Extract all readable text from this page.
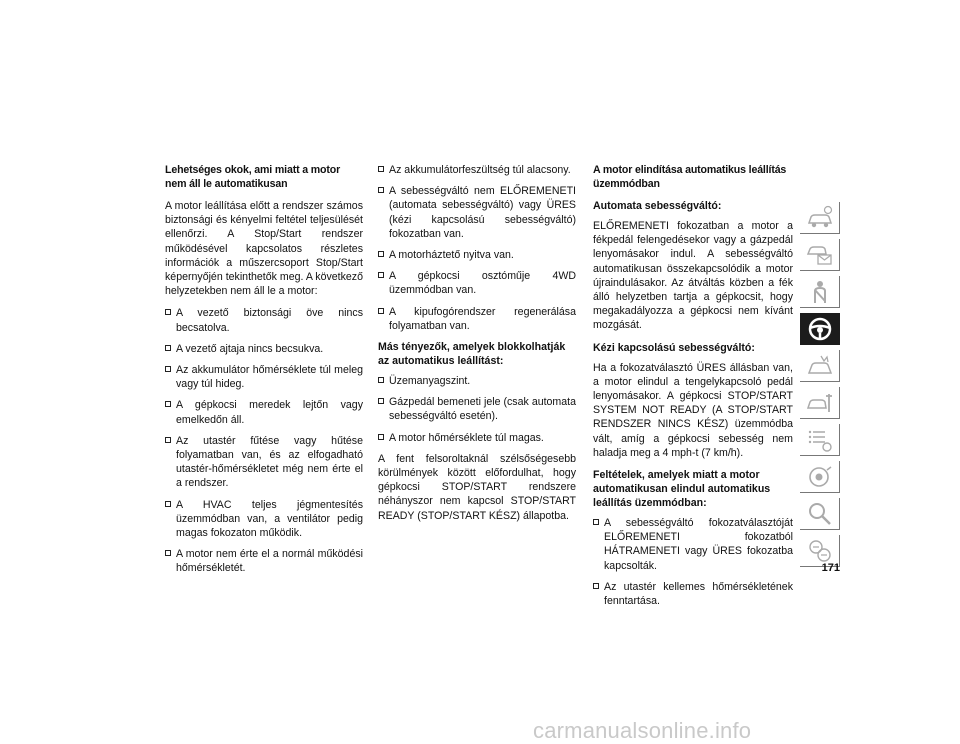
Lehetséges okok, ami miatt a motor nem áll le automatikusan

A motor leállítása előtt a rendszer számos biztonsági és kényelmi feltétel teljesülését ellenőrzi. A Stop/Start rendszer működésével kapcsolatos részletes információk a műszercsoport Stop/Start képernyőjén tekinthetők meg. A következő helyzetekben nem áll le a motor:

A vezető biztonsági öve nincs becsatolva.
A vezető ajtaja nincs becsukva.
Az akkumulátor hőmérséklete túl meleg vagy túl hideg.
A gépkocsi meredek lejtőn vagy emelkedőn áll.
Az utastér fűtése vagy hűtése folyamatban van, és az elfogadható utastér-hőmérsékletet még nem érte el a rendszer.
A HVAC teljes jégmentesítés üzemmódban van, a ventilátor pedig magas fokozaton működik.
A motor nem érte el a normál működési hőmérsékletét.
Az akkumulátorfeszültség túl alacsony.
A sebességváltó nem ELŐREMENETI (automata sebességváltó) vagy ÜRES (kézi kapcsolású sebességváltó) fokozatban van.
A motorháztető nyitva van.
A gépkocsi osztóműje 4WD üzemmódban van.
A kipufogórendszer regenerálása folyamatban van.
Más tényezők, amelyek blokkolhatják az automatikus leállítást:
Üzemanyagszint.
Gázpedál bemeneti jele (csak automata sebességváltó esetén).
A motor hőmérséklete túl magas.

A fent felsoroltaknál szélsőségesebb körülmények között előfordulhat, hogy gépkocsi STOP/START rendszere néhányszor nem kapcsol STOP/START READY (STOP/START KÉSZ) állapotba.

A motor elindítása automatikus leállítás üzemmódban
Automata sebességváltó:

ELŐREMENETI fokozatban a motor a fékpedál felengedésekor vagy a gázpedál lenyomásakor indul. A sebességváltó automatikusan összekapcsolódik a motor újraindulásakor. Az átváltás közben a fék álló helyzetben tartja a gépkocsit, hogy megakadályozza a gépkocsi nem kívánt mozgását.

Kézi kapcsolású sebességváltó:

Ha a fokozatválasztó ÜRES állásban van, a motor elindul a tengelykapcsoló pedál lenyomásakor. A gépkocsi STOP/START SYSTEM NOT READY (A STOP/START RENDSZER NINCS KÉSZ) üzemmódba vált, amíg a gépkocsi sebesség nem haladja meg a 4 mph-t (7 km/h).

Feltételek, amelyek miatt a motor automatikusan elindul automatikus leállítás üzemmódban:
A sebességváltó fokozatválasztóját ELŐREMENETI fokozatból HÁTRAMENETI vagy ÜRES fokozatba kapcsolták.
Az utastér kellemes hőmérsékletének fenntartása.
171
carmanualsonline.info
